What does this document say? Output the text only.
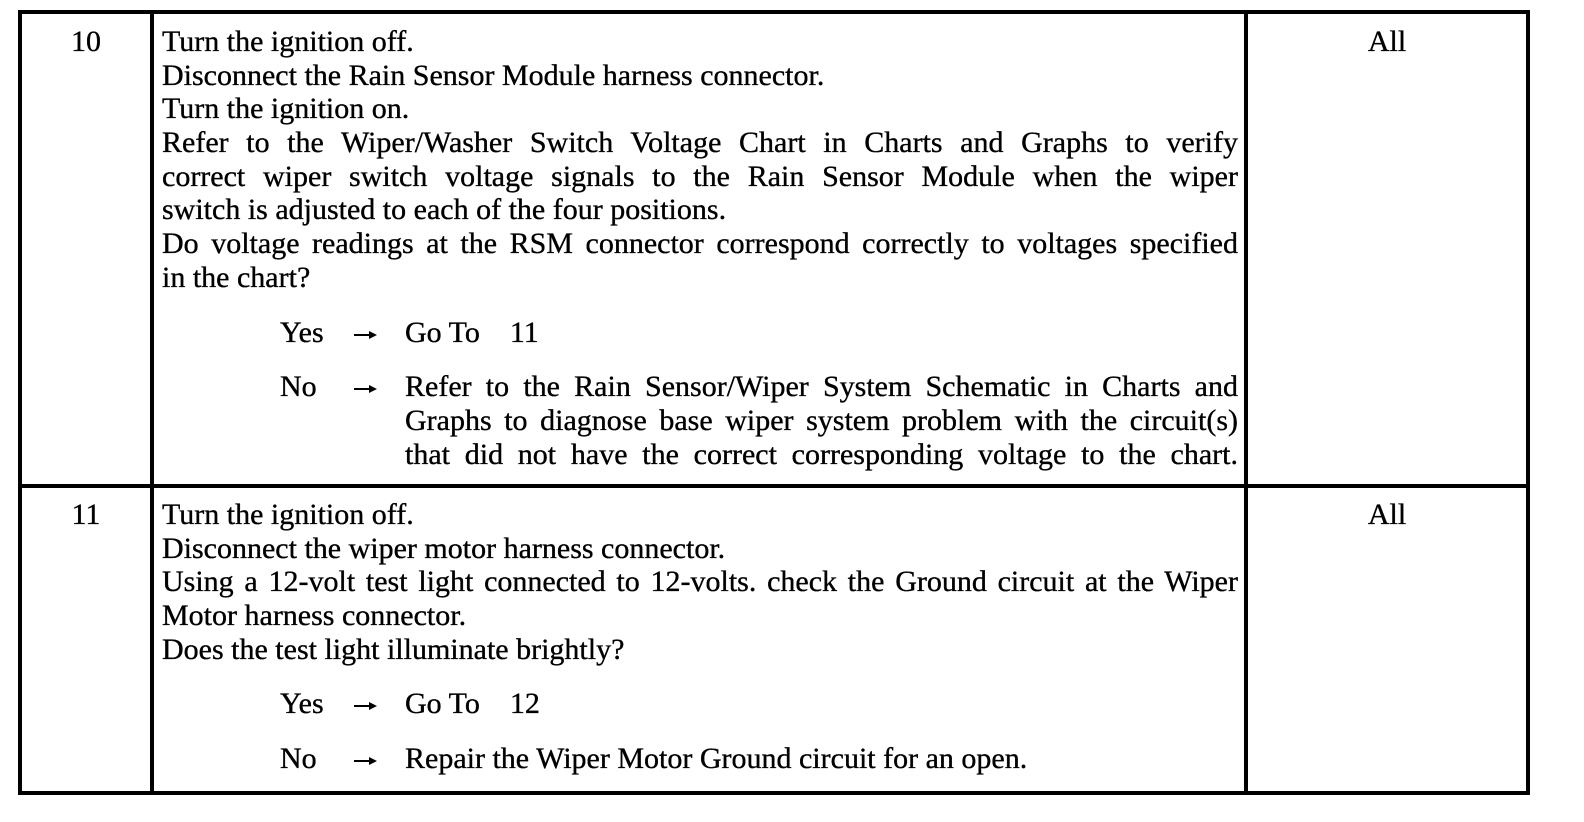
10	Turn the ignition off.
Disconnect the Rain Sensor Module harness connector.
Turn the ignition on.
Refer to the Wiper/Washer Switch Voltage Chart in Charts and Graphs to verify
correct wiper switch voltage signals to the Rain Sensor Module when the wiper
switch is adjusted to each of the four positions.
Do voltage readings at the RSM connector correspond correctly to voltages specified
in the chart?
Yes	Go To 11
No	Refer to the Rain Sensor/Wiper System Schematic in Charts and
Graphs to diagnose base wiper system problem with the circuit(s)
that did not have the correct corresponding voltage to the chart.
All
11	Turn the ignition off.
Disconnect the wiper motor harness connector.
Using a 12-volt test light connected to 12-volts. check the Ground circuit at the Wiper
Motor harness connector.
Does the test light illuminate brightly?
Yes	Go To 12
No	Repair the Wiper Motor Ground circuit for an open.
All
